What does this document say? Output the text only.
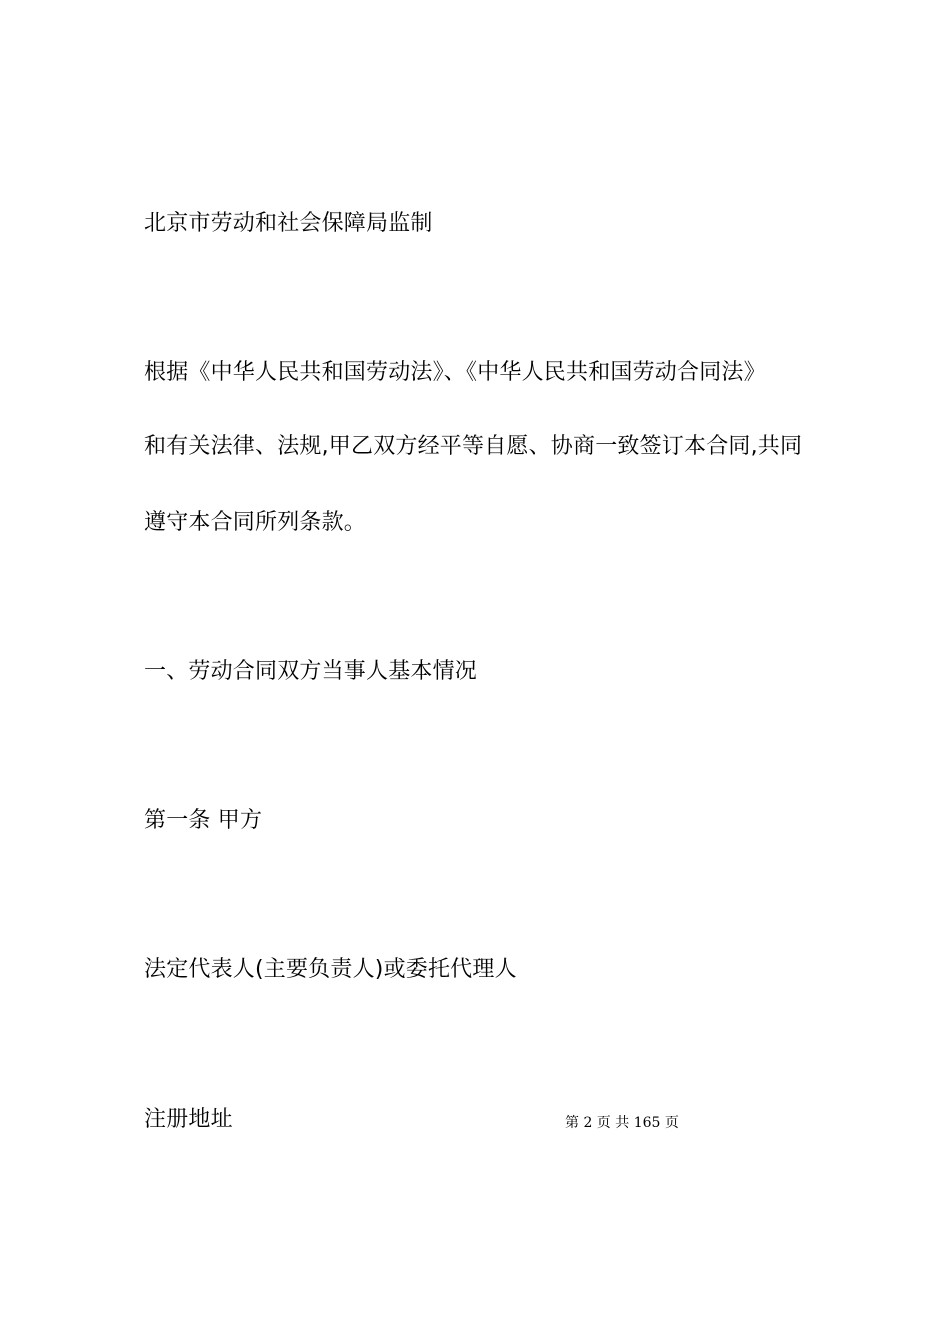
北京市劳动和社会保障局监制
根据《中华人民共和国劳动法》、《中华人民共和国劳动合同法》
和有关法律、法规,甲乙双方经平等自愿、协商一致签订本合同,共同
遵守本合同所列条款。
一、劳动合同双方当事人基本情况
第一条 甲方
法定代表人(主要负责人)或委托代理人
注册地址	第 2 页 共 165 页
